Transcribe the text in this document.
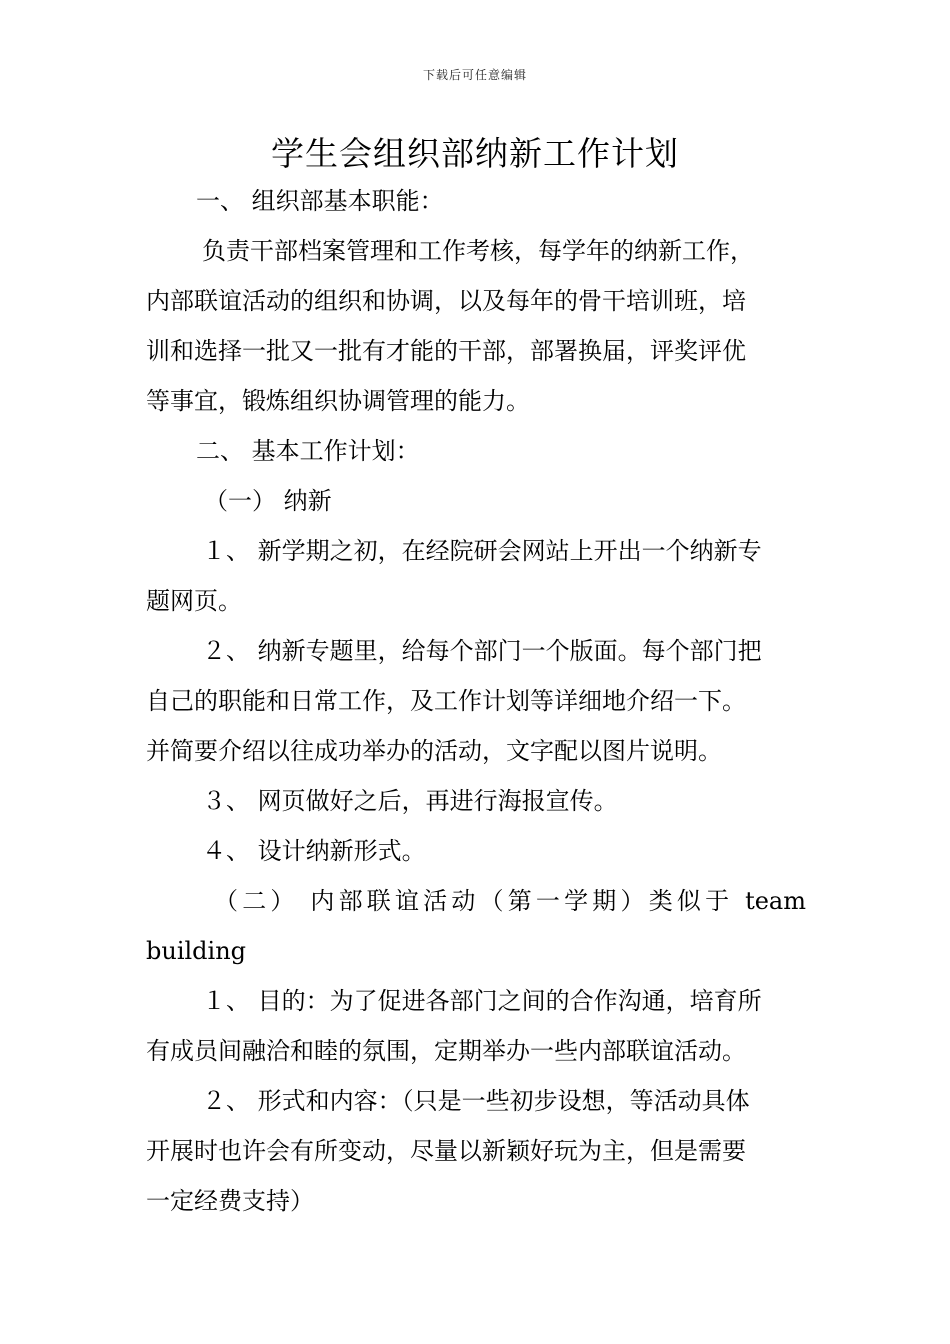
下载后可任意编辑
学生会组织部纳新工作计划

一、 组织部基本职能：

负责干部档案管理和工作考核，每学年的纳新工作，

内部联谊活动的组织和协调，以及每年的骨干培训班，培

训和选择一批又一批有才能的干部，部署换届，评奖评优

等事宜，锻炼组织协调管理的能力。

二、 基本工作计划：

（一） 纳新

１、 新学期之初，在经院研会网站上开出一个纳新专

题网页。

２、 纳新专题里，给每个部门一个版面。每个部门把

自己的职能和日常工作，及工作计划等详细地介绍一下。

并简要介绍以往成功举办的活动，文字配以图片说明。

３、 网页做好之后，再进行海报宣传。

４、 设计纳新形式。

（二） 内部联谊活动（第一学期）类似于 team

building

１、 目的：为了促进各部门之间的合作沟通，培育所

有成员间融洽和睦的氛围，定期举办一些内部联谊活动。

２、 形式和内容：（只是一些初步设想，等活动具体

开展时也许会有所变动，尽量以新颖好玩为主，但是需要

一定经费支持）
